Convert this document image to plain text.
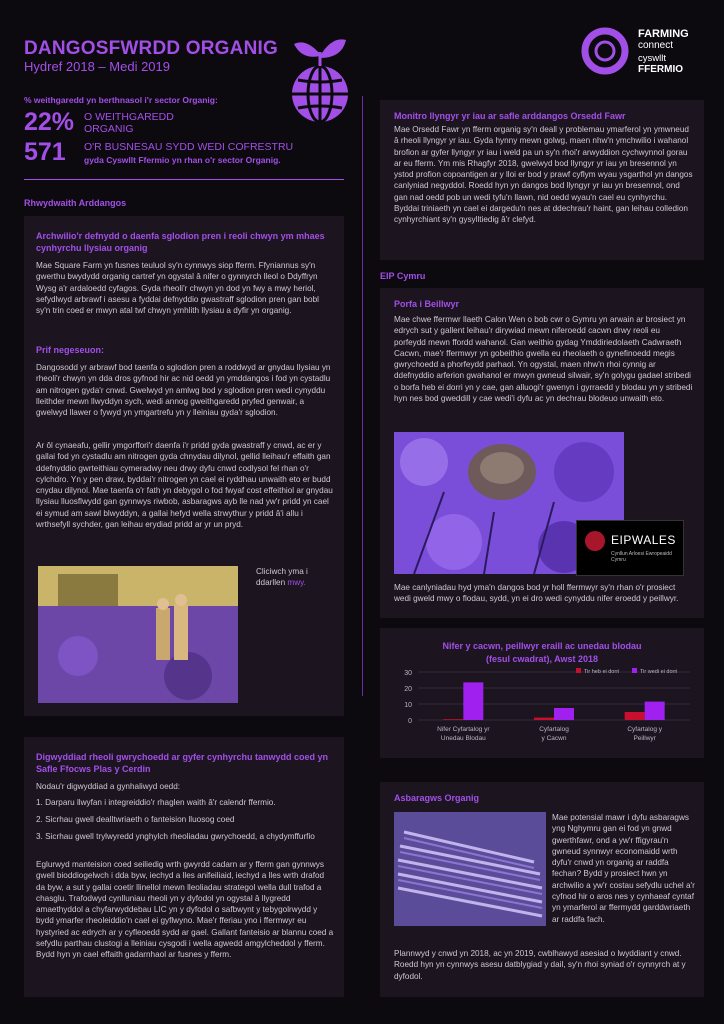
DANGOSFWRDD ORGANIG
Hydref 2018 – Medi 2019
FARMING
connect
cyswllt
FFERMIO
% weithgaredd yn berthnasol i'r sector Organig:
22% O WEITHGAREDD
ORGANIG
571 O'R BUSNESAU SYDD WEDI COFRESTRU
gyda Cyswllt Ffermio yn rhan o'r sector Organig.
Rhwydwaith Arddangos
Archwilio'r defnydd o daenfa sglodion pren i reoli chwyn ym mhaes cynhyrchu llysiau organig
Mae Square Farm yn fusnes teuluol sy'n cynnwys siop fferm. Ffyniannus sy'n gwerthu bwydydd organig cartref yn ogystal â nifer o gynnyrch lleol o Ddyffryn Wysg a'r ardaloedd cyfagos. Gyda rheoli'r chwyn yn dod yn fwy a mwy heriol, sefydlwyd arbrawf i asesu a fyddai defnyddio gwastraff sglodion pren gan bobl sy'n trin coed er mwyn atal twf chwyn ymhlith llysiau a dyfir yn organig.
Prif negeseuon:
Dangosodd yr arbrawf bod taenfa o sglodion pren a roddwyd ar gnydau llysiau yn rheoli'r chwyn yn dda dros gyfnod hir ac nid oedd yn ymddangos i fod yn cystadlu am nitrogen gyda'r cnwd. Gwelwyd yn amlwg bod y sglodion pren wedi cynyddu lleithder mewn llwyddyn sych, wedi annog gweithgaredd pryfed genwair, a gwelwyd llawer o fywyd yn ymgartrefu yn y lleiniau gyda'r sglodion.
Ar ôl cynaeafu, gellir ymgorffori'r daenfa i'r pridd gyda gwastraff y cnwd, ac er y gallai fod yn cystadlu am nitrogen gyda chnydau dilynol, gellid lleihau'r effaith gan ddefnyddio gwrteithiau cymeradwy neu drwy dyfu cnwd codlysol fel rhan o'r cylchdro. Yn y pen draw, byddai'r nitrogen yn cael ei ryddhau unwaith eto er budd cnydau dilynol. Mae taenfa o'r fath yn debygol o fod fwyaf cost effeithiol ar gnydau llysiau lluosflwydd gan gynnwys riwbob, asbaragws ayb lle nad yw'r pridd yn cael ei symud am sawl blwyddyn, a gallai hefyd wella strwythur y pridd â'i allu i wrthsefyll sychder, gan leihau erydiad pridd ar yr un pryd.
Cliciwch yma i ddarllen mwy.
Digwyddiad rheoli gwrychoedd ar gyfer cynhyrchu tanwydd coed yn Safle Ffocws Plas y Cerdin
Nodau'r digwyddiad a gynhaliwyd oedd:
1. Darparu llwyfan i integreiddio'r rhaglen waith â'r calendr ffermio.
2. Sicrhau gwell dealltwriaeth o fanteision lluosog coed
3. Sicrhau gwell trylwyredd ynghylch rheoliadau gwrychoedd, a chydymffurfio
Eglurwyd manteision coed seiliedig wrth gwyrdd cadarn ar y fferm gan gynnwys gwell bioddiogelwch i dda byw, iechyd a lles anifeiliaid, iechyd a lles wrth drafod da byw, a sut y gallai coetir llinellol mewn lleoliadau strategol wella dull trafod a chasglu. Trafodwyd cynlluniau rheoli yn y dyfodol yn ogystal â llygredd amaethyddol a chyfarwyddebau LIC yn y dyfodol o safbwynt y tebygolrwydd y bydd ymarfer rheoleiddio'n cael ei gyflwyno. Mae'r fferiau yno i ffermwyr eu hystyried ac edrych ar y cyfleoedd sydd ar gael. Gallant fanteisio ar blannu coed a sefydlu parthau clustogi a lleiniau cysgodi i wella agwedd amgylcheddol y fferm. Bydd hyn yn cael effaith gadarnhaol ar fusnes y fferm.
Monitro llyngyr yr iau ar safle arddangos Orsedd Fawr
Mae Orsedd Fawr yn fferm organig sy'n deall y problemau ymarferol yn ymwneud â rheoli llyngyr yr iau. Gyda hynny mewn golwg, maen nhw'n ymchwilio i wahanol brofion ar gyfer llyngyr yr iau i weld pa un sy'n rhoi'r arwyddion cychwynnol gorau ar eu fferm. Ym mis Rhagfyr 2018, gwelwyd bod llyngyr yr iau yn bresennol yn ystod profion copoantigen ar y lloi er bod y prawf cyflym wyau ysgarthol yn dangos canlyniad negyddol. Roedd hyn yn dangos bod llyngyr yr iau yn bresennol, ond gan nad oedd pob un wedi tyfu'n llawn, nid oedd wyau'n cael eu cynhyrchu. Byddai triniaeth yn cael ei dargedu'n nes at ddechrau'r haint, gan leihau colledion cynhyrchiant sy'n gysylltiedig â'r clefyd.
EIP Cymru
Porfa i Beillwyr
Mae chwe ffermwr llaeth Calon Wen o bob cwr o Gymru yn arwain ar brosiect yn edrych sut y gallent leihau'r dirywiad mewn niferoedd cacwn drwy reoli eu porfeydd mewn ffordd wahanol. Gan weithio gydag Ymddiriedolaeth Cadwraeth Cacwn, mae'r ffermwyr yn gobeithio gwella eu rheolaeth o gynefinoedd megis gwrychoedd a phorfeydd parhaol. Yn ogystal, maen nhw'n rhoi cynnig ar ddefnyddio arferion gwahanol er mwyn gwneud silwair, sy'n golygu gadael stribedi o borfa heb ei dorri yn y cae, gan alluogi'r gwenyn i gyrraedd y blodau yn y stribedi hyn nes bod gweddill y cae wedi'i dyfu ac yn dechrau blodeuo unwaith eto.
Mae canlyniadau hyd yma'n dangos bod yr holl ffermwyr sy'n rhan o'r prosiect wedi gweld mwy o flodau, sydd, yn ei dro wedi cynyddu nifer eroedd y peillwyr.
EIPWALES
Cynllun Arloesi Ewropeaidd Cymru
Nifer y cacwn, peillwyr eraill ac unedau blodau
(fesul cwadrat), Awst 2018
0
10
20
30
Nifer Cyfartalog yr
Unedau Blodau
Cyfartalog
y Cacwn
Cyfartalog y
Peillwyr
Tir heb ei dorri	Tir wedi ei dorri
Asbaragws Organig
Mae potensial mawr i dyfu asbaragws yng Nghymru gan ei fod yn gnwd gwerthfawr, ond a yw'r ffigyrau'n gwneud synnwyr economaidd wrth dyfu'r cnwd yn organig ar raddfa fechan? Bydd y prosiect hwn yn archwilio a yw'r costau sefydlu uchel a'r cyfnod hir o aros nes y cynhaeaf cyntaf yn ymarferol ar ffermydd garddwriaeth ar raddfa fach.
Plannwyd y cnwd yn 2018, ac yn 2019, cwblhawyd asesiad o lwyddiant y cnwd. Roedd hyn yn cynnwys asesu datblygiad y dail, sy'n rhoi syniad o'r cynnyrch at y dyfodol.
